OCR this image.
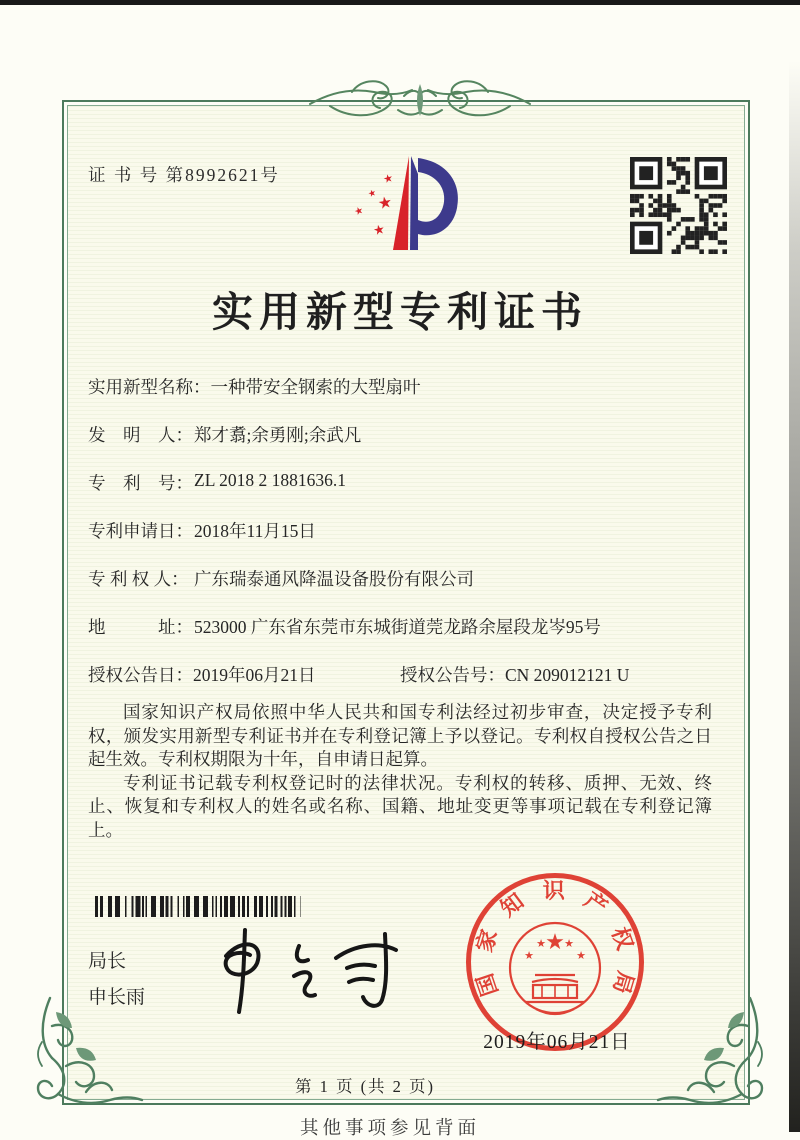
证 书 号 第8992621号	★
★
★
★
★
实用新型专利证书
实用新型名称： 一种带安全钢索的大型扇叶
发　明　人： 郑才翥;余勇刚;余武凡
专　利　号： ZL 2018 2 1881636.1
专利申请日： 2018年11月15日
专 利 权 人： 广东瑞泰通风降温设备股份有限公司
地　　　址： 523000 广东省东莞市东城街道莞龙路余屋段龙岑95号
授权公告日：2019年06月21日	授权公告号：CN 209012121 U

国家知识产权局依照中华人民共和国专利法经过初步审查，决定授予专利权，颁发实用新型专利证书并在专利登记簿上予以登记。专利权自授权公告之日起生效。专利权期限为十年，自申请日起算。

专利证书记载专利权登记时的法律状况。专利权的转移、质押、无效、终止、恢复和专利权人的姓名或名称、国籍、地址变更等事项记载在专利登记簿上。

局长
申长雨	国家知识产权局
★
★
★ ★
★
2019年06月21日
第 1 页 (共 2 页)
其他事项参见背面
